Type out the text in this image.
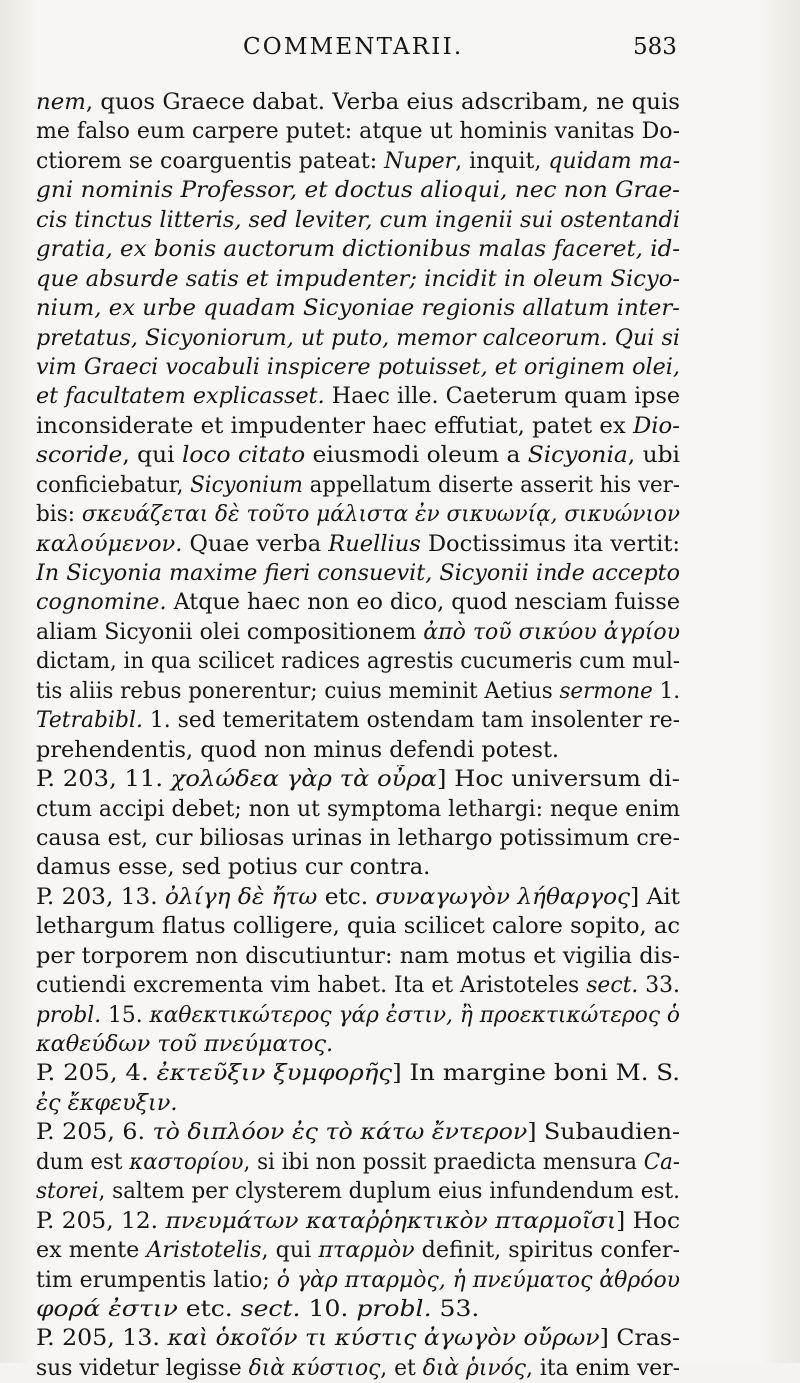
COMMENTARII.	583
nem, quos Graece dabat. Verba eius adscribam, ne quis
me falso eum carpere putet: atque ut hominis vanitas Do-
ctiorem se coarguentis pateat: Nuper, inquit, quidam ma-
gni nominis Professor, et doctus alioqui, nec non Grae-
cis tinctus litteris, sed leviter, cum ingenii sui ostentandi
gratia, ex bonis auctorum dictionibus malas faceret, id-
que absurde satis et impudenter; incidit in oleum Sicyo-
nium, ex urbe quadam Sicyoniae regionis allatum inter-
pretatus, Sicyoniorum, ut puto, memor calceorum. Qui si
vim Graeci vocabuli inspicere potuisset, et originem olei,
et facultatem explicasset. Haec ille. Caeterum quam ipse
inconsiderate et impudenter haec effutiat, patet ex Dio-
scoride, qui loco citato eiusmodi oleum a Sicyonia, ubi
conficiebatur, Sicyonium appellatum diserte asserit his ver-
bis: σκευάζεται δὲ τοῦτο μάλιστα ἐν σικυωνίᾳ, σικυώνιον
καλούμενον. Quae verba Ruellius Doctissimus ita vertit:
In Sicyonia maxime fieri consuevit, Sicyonii inde accepto
cognomine. Atque haec non eo dico, quod nesciam fuisse
aliam Sicyonii olei compositionem ἀπὸ τοῦ σικύου ἀγρίου
dictam, in qua scilicet radices agrestis cucumeris cum mul-
tis aliis rebus ponerentur; cuius meminit Aetius sermone 1.
Tetrabibl. 1. sed temeritatem ostendam tam insolenter re-
prehendentis, quod non minus defendi potest.
P. 203, 11. χολώδεα γὰρ τὰ οὖρα] Hoc universum di-
ctum accipi debet; non ut symptoma lethargi: neque enim
causa est, cur biliosas urinas in lethargo potissimum cre-
damus esse, sed potius cur contra.
P. 203, 13. ὀλίγη δὲ ἤτω etc. συναγωγὸν λήθαργος] Ait
lethargum flatus colligere, quia scilicet calore sopito, ac
per torporem non discutiuntur: nam motus et vigilia dis-
cutiendi excrementa vim habet. Ita et Aristoteles sect. 33.
probl. 15. καθεκτικώτερος γάρ ἐστιν, ἢ προεκτικώτερος ὁ
καθεύδων τοῦ πνεύματος.
P. 205, 4. ἐκτεῦξιν ξυμφορῆς] In margine boni M. S.
ἐς ἔκφευξιν.
P. 205, 6. τὸ διπλόον ἐς τὸ κάτω ἔντερον] Subaudien-
dum est καστορίου, si ibi non possit praedicta mensura Ca-
storei, saltem per clysterem duplum eius infundendum est.
P. 205, 12. πνευμάτων καταῤῥηκτικὸν πταρμοῖσι] Hoc
ex mente Aristotelis, qui πταρμὸν definit, spiritus confer-
tim erumpentis latio; ὁ γὰρ πταρμὸς, ἡ πνεύματος ἀθρόου
φορά ἐστιν etc. sect. 10. probl. 53.
P. 205, 13. καὶ ὁκοῖόν τι κύστις ἀγωγὸν οὔρων] Cras-
sus videtur legisse διὰ κύστιος, et διὰ ῥινός, ita enim ver-
